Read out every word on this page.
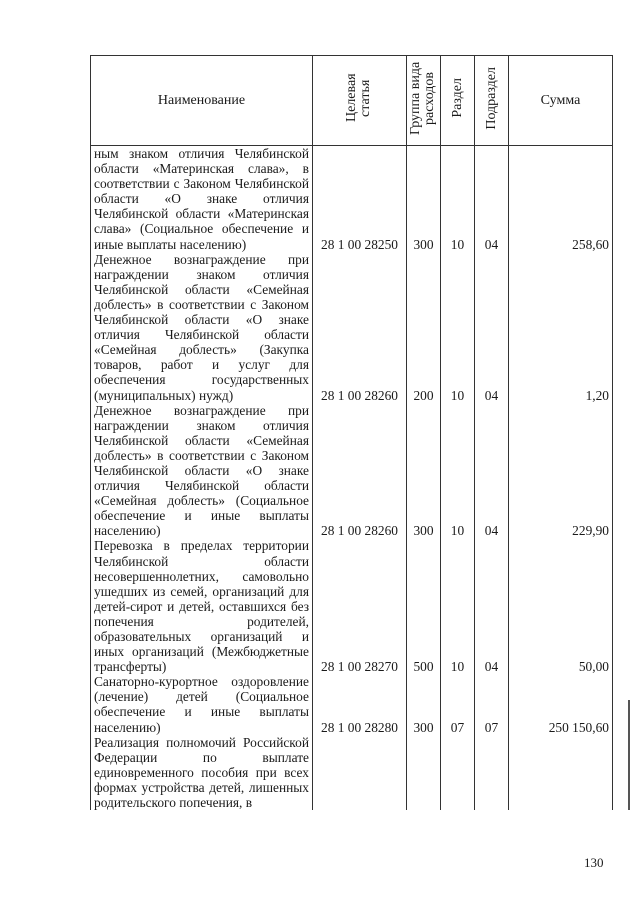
Наименование	Целевая статья	Группа вида расходов	Раздел	Подраздел	Сумма
ным знаком отличия Челябинской области «Материнская слава», в соответствии с Законом Челябинской области «О знаке отличия Челябинской области «Материнская слава» (Социальное обеспечение и иные выплаты населению)	28 1 00 28250	300	10	04	258,60
Денежное вознаграждение при награждении знаком отличия Челябинской области «Семейная доблесть» в соответствии с Законом Челябинской области «О знаке отличия Челябинской области «Семейная доблесть» (Закупка товаров, работ и услуг для обеспечения государственных (муниципальных) нужд)	28 1 00 28260	200	10	04	1,20
Денежное вознаграждение при награждении знаком отличия Челябинской области «Семейная доблесть» в соответствии с Законом Челябинской области «О знаке отличия Челябинской области «Семейная доблесть» (Социальное обеспечение и иные выплаты населению)	28 1 00 28260	300	10	04	229,90
Перевозка в пределах территории Челябинской области несовершеннолетних, самовольно ушедших из семей, организаций для детей-сирот и детей, оставшихся без попечения родителей, образовательных организаций и иных организаций (Межбюджетные трансферты)	28 1 00 28270	500	10	04	50,00
Санаторно-курортное оздоровление (лечение) детей (Социальное обеспечение и иные выплаты населению)	28 1 00 28280	300	07	07	250 150,60
Реализация полномочий Российской Федерации по выплате единовременного пособия при всех формах устройства детей, лишенных родительского попечения, в					
130
